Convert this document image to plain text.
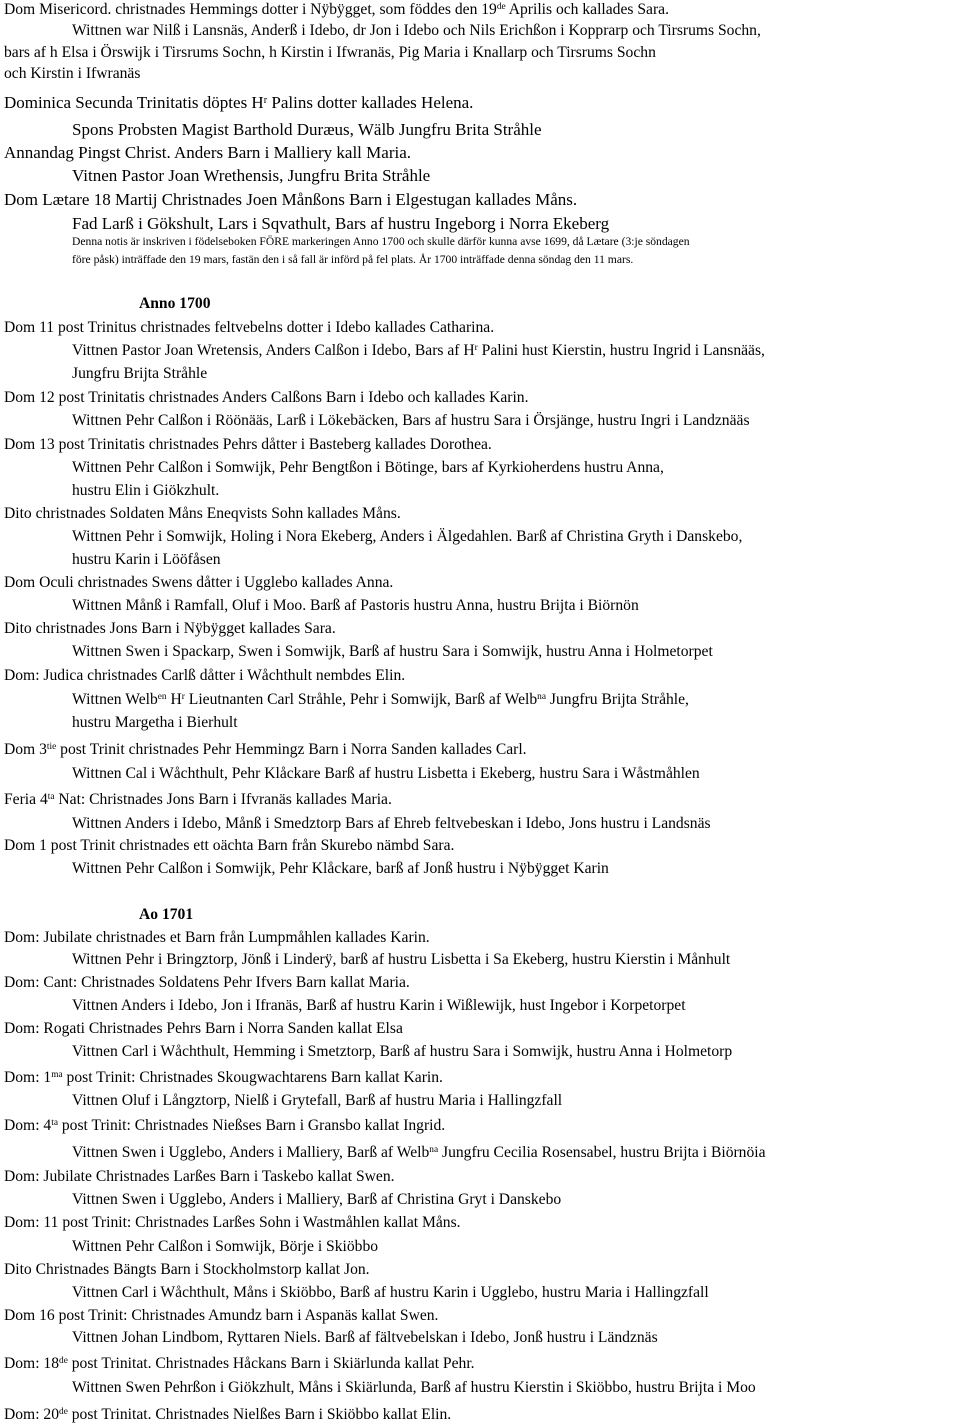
Dom Misericord. christnades Hemmings dotter i Nÿbÿgget, som föddes den 19de Aprilis och kallades Sara.
Wittnen war Nilß i Lansnäs, Anderß i Idebo, dr Jon i Idebo och Nils Erichßon i Kopprarp och Tirsrums Sochn,
bars af h Elsa i Örswijk i Tirsrums Sochn, h Kirstin i Ifwranäs, Pig Maria i Knallarp och Tirsrums Sochn
och Kirstin i Ifwranäs
Dominica Secunda Trinitatis döptes $H^r$ Palins dotter kallades Helena.
Spons Probsten Magist Barthold Duræus, Wälb Jungfru Brita Stråhle
Annandag Pingst Christ. Anders Barn i Malliery kall Maria.
Vitnen Pastor Joan Wrethensis, Jungfru Brita Stråhle
Dom Lætare 18 Martij Christnades Joen Månßons Barn i Elgestugan kallades Måns.
Fad Larß i Gökshult, Lars i Sqvathult, Bars af hustru Ingeborg i Norra Ekeberg
Denna notis är inskriven i födelseboken FÖRE markeringen Anno 1700 och skulle därför kunna avse 1699, då Lætare (3:je söndagen
före påsk) inträffade den 19 mars, fastän den i så fall är införd på fel plats. År 1700 inträffade denna söndag den 11 mars.
Anno 1700
Dom 11 post Trinitus christnades feltvebelns dotter i Idebo kallades Catharina.
Vittnen Pastor Joan Wretensis, Anders Calßon i Idebo, Bars af $H^r$ Palini hust Kierstin, hustru Ingrid i Lansnääs,
Jungfru Brijta Stråhle
Dom 12 post Trinitatis christnades Anders Calßons Barn i Idebo och kallades Karin.
Wittnen Pehr Calßon i Röönääs, Larß i Lökebäcken, Bars af hustru Sara i Örsjänge, hustru Ingri i Landznääs
Dom 13 post Trinitatis christnades Pehrs dåtter i Basteberg kallades Dorothea.
Wittnen Pehr Calßon i Somwijk, Pehr Bengtßon i Bötinge, bars af Kyrkioherdens hustru Anna,
hustru Elin i Giökzhult.
Dito christnades Soldaten Måns Eneqvists Sohn kallades Måns.
Wittnen Pehr i Somwijk, Holing i Nora Ekeberg, Anders i Älgedahlen. Barß af Christina Gryth i Danskebo,
hustru Karin i Lööfåsen
Dom Oculi christnades Swens dåtter i Ugglebo kallades Anna.
Wittnen Månß i Ramfall, Oluf i Moo. Barß af Pastoris hustru Anna, hustru Brijta i Biörnön
Dito christnades Jons Barn i Nÿbÿgget kallades Sara.
Wittnen Swen i Spackarp, Swen i Somwijk, Barß af hustru Sara i Somwijk, hustru Anna i Holmetorpet
Dom: Judica christnades Carlß dåtter i Wåchthult nembdes Elin.
Wittnen Welb$^{en}$ $H^r$ Lieutnanten Carl Stråhle, Pehr i Somwijk, Barß af Welb$^{na}$ Jungfru Brijta Stråhle,
hustru Margetha i Bierhult
Dom $3^{tie}$ post Trinit christnades Pehr Hemmingz Barn i Norra Sanden kallades Carl.
Wittnen Cal i Wåchthult, Pehr Klåckare Barß af hustru Lisbetta i Ekeberg, hustru Sara i Wåstmåhlen
Feria $4^{ta}$ Nat: Christnades Jons Barn i Ifvranäs kallades Maria.
Wittnen Anders i Idebo, Månß i Smedztorp Bars af Ehreb feltvebeskan i Idebo, Jons hustru i Landsnäs
Dom 1 post Trinit christnades ett oächta Barn från Skurebo nämbd Sara.
Wittnen Pehr Calßon i Somwijk, Pehr Klåckare, barß af Jonß hustru i Nÿbÿgget Karin
Ao 1701
Dom: Jubilate christnades et Barn från Lumpmåhlen kallades Karin.
Wittnen Pehr i Bringztorp, Jönß i Linderÿ, barß af hustru Lisbetta i Sa Ekeberg, hustru Kierstin i Månhult
Dom: Cant: Christnades Soldatens Pehr Ifvers Barn kallat Maria.
Vittnen Anders i Idebo, Jon i Ifranäs, Barß af hustru Karin i Wißlewijk, hust Ingebor i Korpetorpet
Dom: Rogati Christnades Pehrs Barn i Norra Sanden kallat Elsa
Vittnen Carl i Wåchthult, Hemming i Smetztorp, Barß af hustru Sara i Somwijk, hustru Anna i Holmetorp
Dom: $1^{ma}$ post Trinit: Christnades Skougwachtarens Barn kallat Karin.
Vittnen Oluf i Långztorp, Nielß i Grytefall, Barß af hustru Maria i Hallingzfall
Dom: $4^{ta}$ post Trinit: Christnades Nießses Barn i Gransbo kallat Ingrid.
Vittnen Swen i Ugglebo, Anders i Malliery, Barß af Welb$^{na}$ Jungfru Cecilia Rosensabel, hustru Brijta i Biörnöia
Dom: Jubilate Christnades Larßes Barn i Taskebo kallat Swen.
Vittnen Swen i Ugglebo, Anders i Malliery, Barß af Christina Gryt i Danskebo
Dom: 11 post Trinit: Christnades Larßes Sohn i Wastmåhlen kallat Måns.
Wittnen Pehr Calßon i Somwijk, Börje i Skiöbbo
Dito Christnades Bängts Barn i Stockholmstorp kallat Jon.
Vittnen Carl i Wåchthult, Måns i Skiöbbo, Barß af hustru Karin i Ugglebo, hustru Maria i Hallingzfall
Dom 16 post Trinit: Christnades Amundz barn i Aspanäs kallat Swen.
Vittnen Johan Lindbom, Ryttaren Niels. Barß af fältvebelskan i Idebo, Jonß hustru i Ländznäs
Dom: 18de post Trinitat. Christnades Håckans Barn i Skiärlunda kallat Pehr.
Wittnen Swen Pehrßon i Giökzhult, Måns i Skiärlunda, Barß af hustru Kierstin i Skiöbbo, hustru Brijta i Moo
Dom: 20de post Trinitat. Christnades Nielßes Barn i Skiöbbo kallat Elin.
